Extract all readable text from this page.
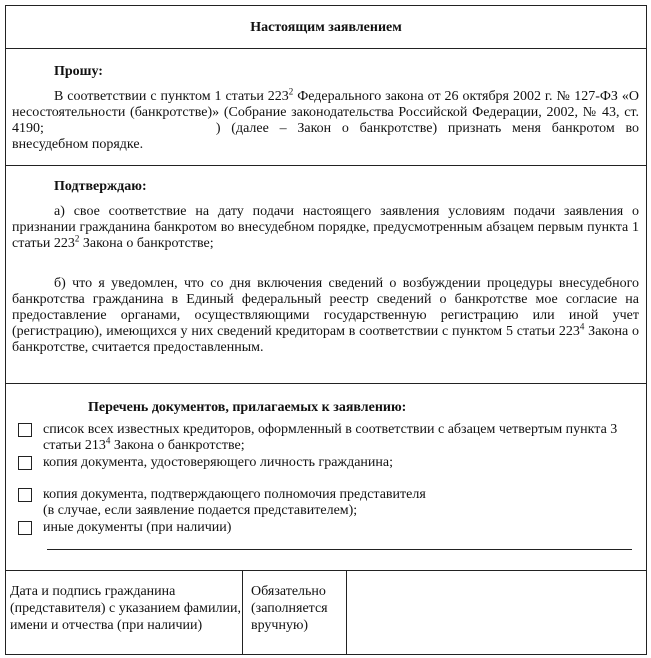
Настоящим заявлением
Прошу:
В соответствии с пунктом 1 статьи $223^2$ Федерального закона от 26 октября 2002 г. № 127-ФЗ «О несостоятельности (банкротстве)» (Собрание законодательства Российской Федерации, 2002, № 43, ст. 4190;	) (далее – Закон о банкротстве) признать меня банкротом во внесудебном порядке.
Подтверждаю:
а) свое соответствие на дату подачи настоящего заявления условиям подачи заявления о признании гражданина банкротом во внесудебном порядке, предусмотренным абзацем первым пункта 1 статьи $223^2$ Закона о банкротстве;
б) что я уведомлен, что со дня включения сведений о возбуждении процедуры внесудебного банкротства гражданина в Единый федеральный реестр сведений о банкротстве мое согласие на предоставление органами, осуществляющими государственную регистрацию или иной учет (регистрацию), имеющихся у них сведений кредиторам в соответствии с пунктом 5 статьи $223^4$ Закона о банкротстве, считается предоставленным.
Перечень документов, прилагаемых к заявлению:
список всех известных кредиторов, оформленный в соответствии с абзацем четвертым пункта 3 статьи $213^4$ Закона о банкротстве;
копия документа, удостоверяющего личность гражданина;
копия документа, подтверждающего полномочия представителя
(в случае, если заявление подается представителем);
иные документы (при наличии)
Дата и подпись гражданина (представителя) с указанием фамилии, имени и отчества (при наличии)
Обязательно (заполняется вручную)
